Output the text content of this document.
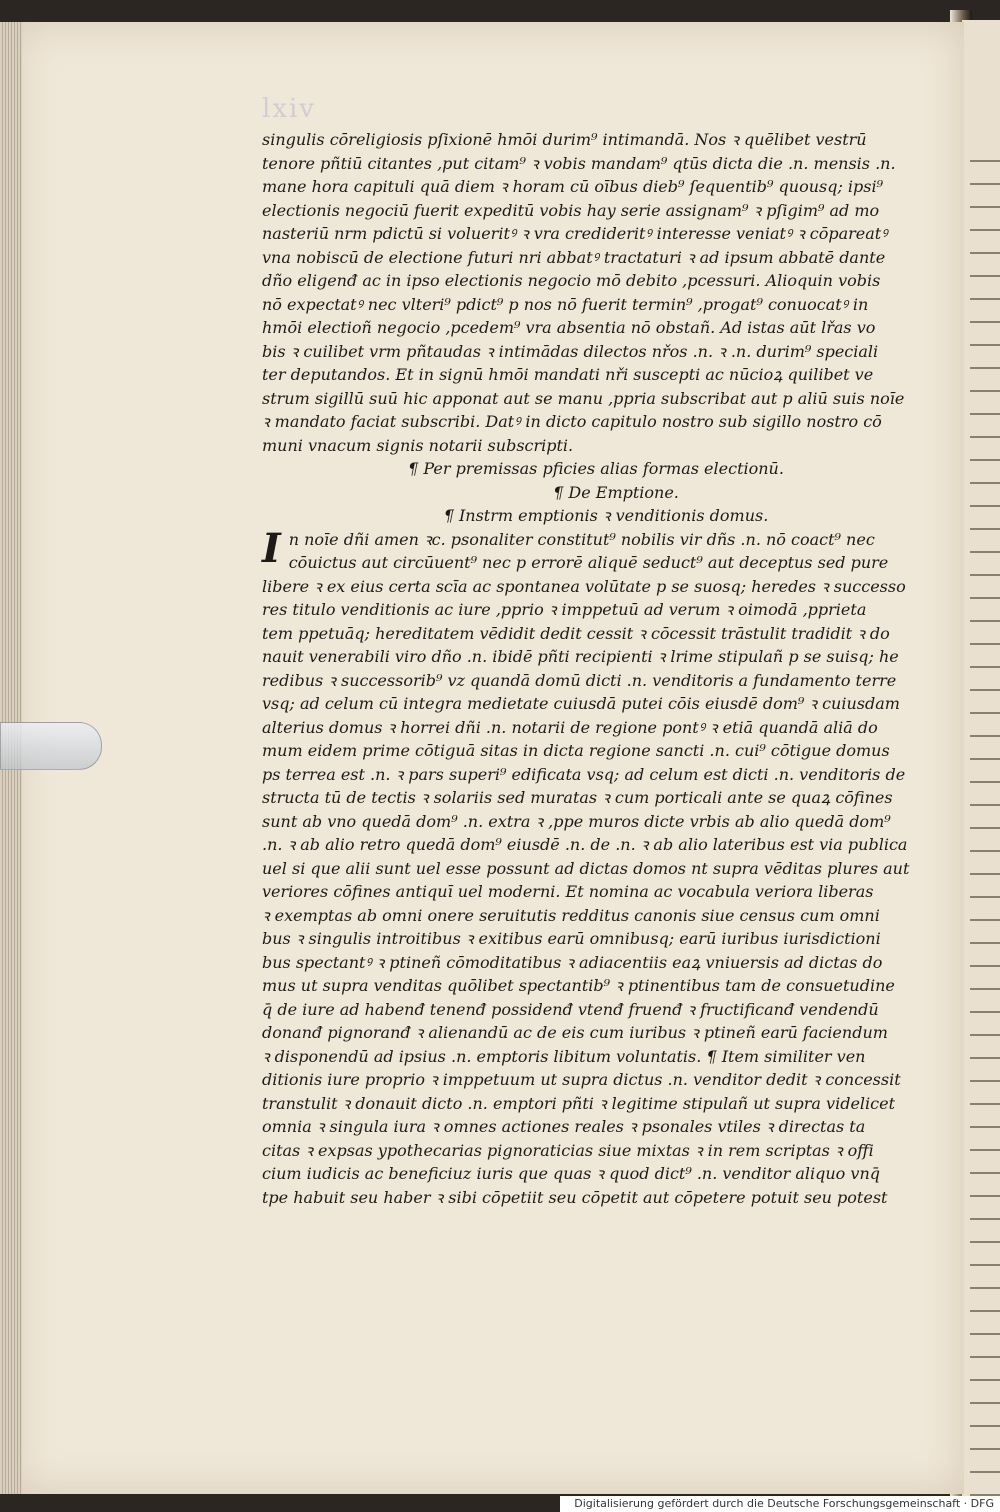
lxiv
singulis cōreligiosis pſixionē hmōi durim⁹ intimandā. Nos ꝛ quēlibet vestrū
tenore pñtiū citantes ,put citam⁹ ꝛ vobis mandam⁹ qtūs dicta die .n. mensis .n.
mane hora capituli quā diem ꝛ horam cū oībus dieb⁹ ſequentib⁹ quousq; ipsi⁹
electionis negociū fuerit expeditū vobis hay serie assignam⁹ ꝛ pſigim⁹ ad mo
nasteriū nrm pdictū si volueritꝰ ꝛ vra credideritꝰ interesse veniatꝰ ꝛ cōpareatꝰ
vna nobiscū de electione futuri nri abbatꝰ tractaturi ꝛ ad ipsum abbatē dante
dño eligenđ ac in ipso electionis negocio mō debito ,pcessuri. Alioquin vobis
nō expectatꝰ nec vlteri⁹ pdict⁹ p nos nō fuerit termin⁹ ,progat⁹ conuocatꝰ in
hmōi electioñ negocio ,pcedem⁹ vra absentia nō obstañ. Ad istas aūt lřas vo
bis ꝛ cuilibet vrm pñtaudas ꝛ intimādas dilectos nřos .n. ꝛ .n. durim⁹ speciali
ter deputandos. Et in signū hmōi mandati nři suscepti ac nūcioꝝ quilibet ve
strum sigillū suū hic apponat aut se manu ,ppria subscribat aut p aliū suis noīe
ꝛ mandato faciat subscribi. Datꝰ in dicto capitulo nostro sub sigillo nostro cō
muni vnacum signis notarii subscripti.
¶ Per premissas pficies alias formas electionū.
¶ De Emptione.
¶ Instrm emptionis ꝛ venditionis domus.
I n noīe dñi amen ꝛc. psonaliter constitut⁹ nobilis vir dñs .n. nō coact⁹ nec
cōuictus aut circūuent⁹ nec p errorē aliquē seduct⁹ aut deceptus sed pure
libere ꝛ ex eius certa scīa ac spontanea volūtate p se suosq; heredes ꝛ successo
res titulo venditionis ac iure ,pprio ꝛ imppetuū ad verum ꝛ oimodā ,pprieta
tem ppetuāq; hereditatem vēdidit dedit cessit ꝛ cōcessit trāstulit tradidit ꝛ do
nauit venerabili viro dño .n. ibidē pñti recipienti ꝛ lrime stipulañ p se suisq; he
redibus ꝛ successorib⁹ vz quandā domū dicti .n. venditoris a fundamento terre
vsq; ad celum cū integra medietate cuiusdā putei cōis eiusdē dom⁹ ꝛ cuiusdam
alterius domus ꝛ horrei dñi .n. notarii de regione pontꝰ ꝛ etiā quandā aliā do
mum eidem prime cōtiguā sitas in dicta regione sancti .n. cui⁹ cōtigue domus
ps terrea est .n. ꝛ pars superi⁹ edificata vsq; ad celum est dicti .n. venditoris de
structa tū de tectis ꝛ solariis sed muratas ꝛ cum porticali ante se quaꝝ cōfines
sunt ab vno quedā dom⁹ .n. extra ꝛ ,ppe muros dicte vrbis ab alio quedā dom⁹
.n. ꝛ ab alio retro quedā dom⁹ eiusdē .n. de .n. ꝛ ab alio lateribus est via publica
uel si que alii sunt uel esse possunt ad dictas domos nt supra vēditas plures aut
veriores cōfines antiquī uel moderni. Et nomina ac vocabula veriora liberas
ꝛ exemptas ab omni onere seruitutis redditus canonis siue census cum omni
bus ꝛ singulis introitibus ꝛ exitibus earū omnibusq; earū iuribus iurisdictioni
bus spectantꝰ ꝛ ptineñ cōmoditatibus ꝛ adiacentiis eaꝝ vniuersis ad dictas do
mus ut supra venditas quōlibet spectantib⁹ ꝛ ptinentibus tam de consuetudine
q̄ de iure ad habenđ tenenđ possidenđ vtenđ fruenđ ꝛ fructificanđ vendendū
donanđ pignoranđ ꝛ alienandū ac de eis cum iuribus ꝛ ptineñ earū faciendum
ꝛ disponendū ad ipsius .n. emptoris libitum voluntatis. ¶ Item similiter ven
ditionis iure proprio ꝛ imppetuum ut supra dictus .n. venditor dedit ꝛ concessit
transtulit ꝛ donauit dicto .n. emptori pñti ꝛ legitime stipulañ ut supra videlicet
omnia ꝛ singula iura ꝛ omnes actiones reales ꝛ psonales vtiles ꝛ directas ta
citas ꝛ expsas ypothecarias pignoraticias siue mixtas ꝛ in rem scriptas ꝛ offi
cium iudicis ac beneficiuz iuris que quas ꝛ quod dict⁹ .n. venditor aliquo vnq̄
tpe habuit seu haber ꝛ sibi cōpetiit seu cōpetit aut cōpetere potuit seu potest
Digitalisierung gefördert durch die Deutsche Forschungsgemeinschaft · DFG
